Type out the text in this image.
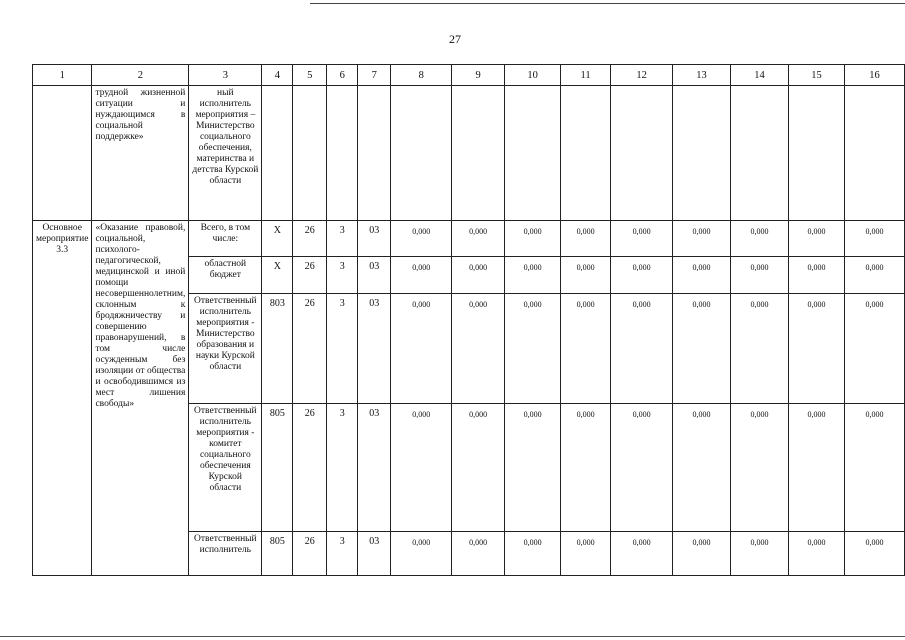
27
1	2	3	4	5	6	7	8	9	10	11	12	13	14	15	16
	трудной жизненной ситуации и нуждающимся в социальной поддержке»	ный исполнитель мероприятия – Министерство социального обеспечения, материнства и детства Курской области													
Основное мероприятие 3.3	«Оказание правовой, социальной, психолого-педагогической, медицинской и иной помощи несовершеннолетним, склонным к бродяжничеству и совершению правонарушений, в том числе осужденным без изоляции от общества и освободившимся из мест лишения свободы»	Всего, в том числе:	X	26	3	03	0,000	0,000	0,000	0,000	0,000	0,000	0,000	0,000	0,000
		областной бюджет	X	26	3	03	0,000	0,000	0,000	0,000	0,000	0,000	0,000	0,000	0,000
		Ответственный исполнитель мероприятия - Министерство образования и науки Курской области	803	26	3	03	0,000	0,000	0,000	0,000	0,000	0,000	0,000	0,000	0,000
		Ответственный исполнитель мероприятия - комитет социального обеспечения Курской области	805	26	3	03	0,000	0,000	0,000	0,000	0,000	0,000	0,000	0,000	0,000
		Ответственный исполнитель	805	26	3	03	0,000	0,000	0,000	0,000	0,000	0,000	0,000	0,000	0,000
